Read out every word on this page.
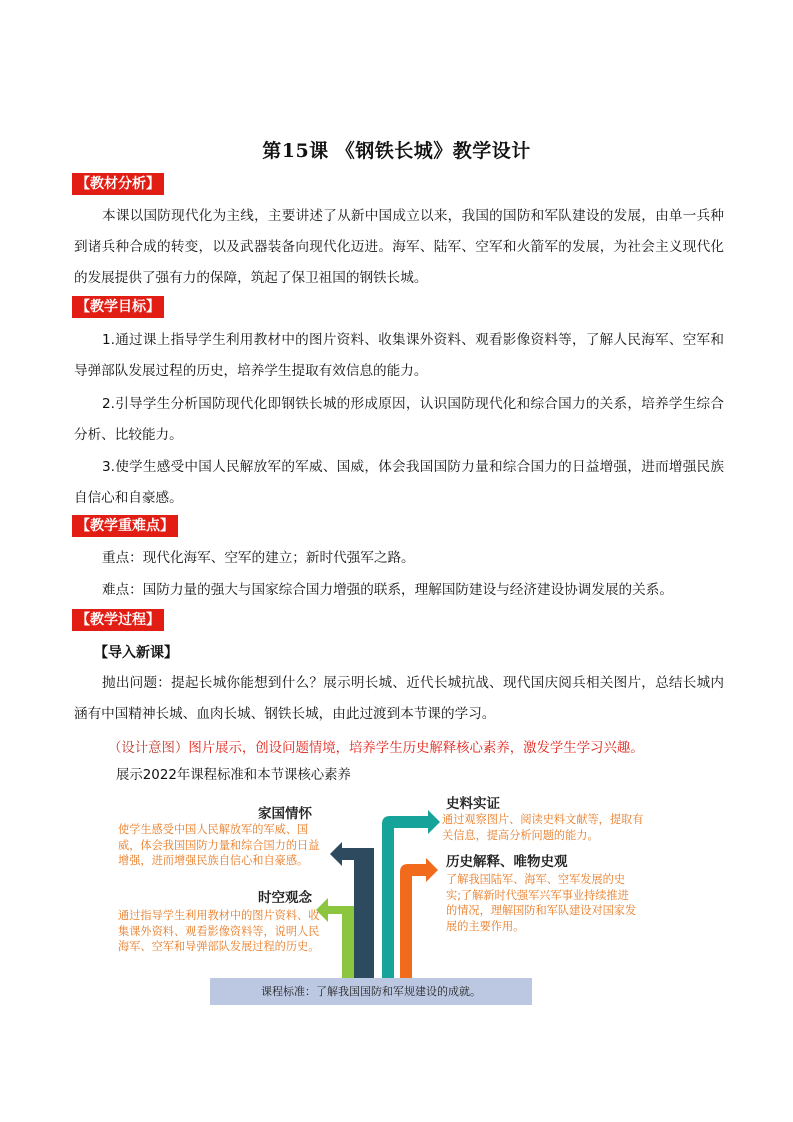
第15课 《钢铁长城》教学设计
【教材分析】
本课以国防现代化为主线，主要讲述了从新中国成立以来，我国的国防和军队建设的发展，由单一兵种到诸兵种合成的转变，以及武器装备向现代化迈进。海军、陆军、空军和火箭军的发展，为社会主义现代化的发展提供了强有力的保障，筑起了保卫祖国的钢铁长城。
【教学目标】
1.通过课上指导学生利用教材中的图片资料、收集课外资料、观看影像资料等，了解人民海军、空军和导弹部队发展过程的历史，培养学生提取有效信息的能力。
2.引导学生分析国防现代化即钢铁长城的形成原因，认识国防现代化和综合国力的关系，培养学生综合分析、比较能力。
3.使学生感受中国人民解放军的军威、国威，体会我国国防力量和综合国力的日益增强，进而增强民族自信心和自豪感。
【教学重难点】
重点：现代化海军、空军的建立；新时代强军之路。
难点：国防力量的强大与国家综合国力增强的联系，理解国防建设与经济建设协调发展的关系。
【教学过程】
【导入新课】
抛出问题：提起长城你能想到什么？展示明长城、近代长城抗战、现代国庆阅兵相关图片，总结长城内涵有中国精神长城、血肉长城、钢铁长城，由此过渡到本节课的学习。
（设计意图）图片展示，创设问题情境，培养学生历史解释核心素养，激发学生学习兴趣。
展示2022年课程标准和本节课核心素养
家国情怀
使学生感受中国人民解放军的军威、国威，体会我国国防力量和综合国力的日益增强，进而增强民族自信心和自豪感。
史料实证
通过观察图片、阅读史料文献等，提取有关信息，提高分析问题的能力。
历史解释、唯物史观
了解我国陆军、海军、空军发展的史实;了解新时代强军兴军事业持续推进的情况，理解国防和军队建设对国家发展的主要作用。
时空观念
通过指导学生利用教材中的图片资料、收集课外资料、观看影像资料等，说明人民海军、空军和导弹部队发展过程的历史。
课程标准：了解我国国防和军规建设的成就。
